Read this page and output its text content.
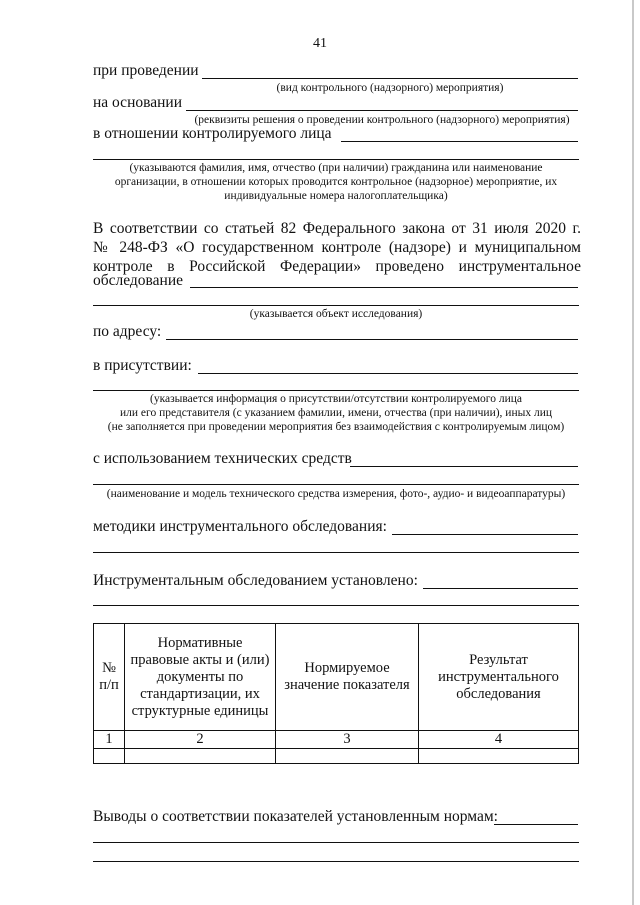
41
при проведении
(вид контрольного (надзорного) мероприятия)
на основании
(реквизиты решения о проведении контрольного (надзорного) мероприятия)
в отношении контролируемого лица
(указываются фамилия, имя, отчество (при наличии) гражданина или наименование
организации, в отношении которых проводится контрольное (надзорное) мероприятие, их
индивидуальные номера налогоплательщика)
В соответствии со статьей 82 Федерального закона от 31 июля 2020 г.
№ 248-ФЗ «О государственном контроле (надзоре) и муниципальном
контроле в Российской Федерации» проведено инструментальное
обследование
(указывается объект исследования)
по адресу:
в присутствии:
(указывается информация о присутствии/отсутствии контролируемого лица
или его представителя (с указанием фамилии, имени, отчества (при наличии), иных лиц
(не заполняется при проведении мероприятия без взаимодействия с контролируемым лицом)
с использованием технических средств
(наименование и модель технического средства измерения, фото-, аудио- и видеоаппаратуры)
методики инструментального обследования:
Инструментальным обследованием установлено:
№ п/п	Нормативные правовые акты и (или) документы по стандартизации, их структурные единицы	Нормируемое значение показателя	Результат инструментального обследования
1	2	3	4

Выводы о соответствии показателей установленным нормам:
